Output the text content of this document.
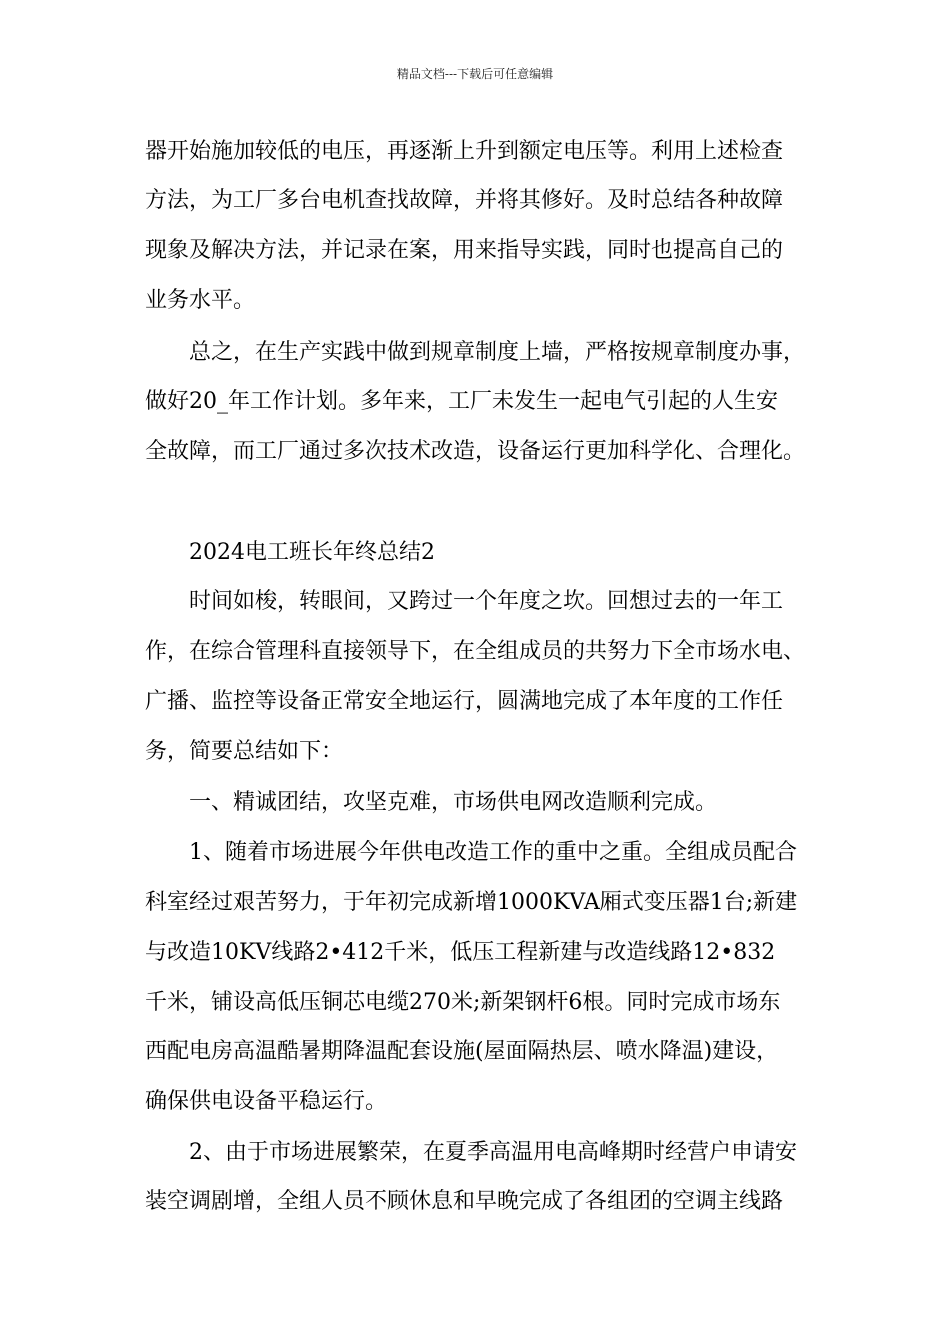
精品文档---下载后可任意编辑

器开始施加较低的电压，再逐渐上升到额定电压等。利用上述检查

方法，为工厂多台电机查找故障，并将其修好。及时总结各种故障

现象及解决方法，并记录在案，用来指导实践，同时也提高自己的

业务水平。

总之，在生产实践中做到规章制度上墙，严格按规章制度办事，

做好20_年工作计划。多年来，工厂未发生一起电气引起的人生安

全故障，而工厂通过多次技术改造，设备运行更加科学化、合理化。

2024电工班长年终总结2

时间如梭，转眼间，又跨过一个年度之坎。回想过去的一年工

作，在综合管理科直接领导下，在全组成员的共努力下全市场水电、

广播、监控等设备正常安全地运行，圆满地完成了本年度的工作任

务，简要总结如下：

一、精诚团结，攻坚克难，市场供电网改造顺利完成。

1、随着市场进展今年供电改造工作的重中之重。全组成员配合

科室经过艰苦努力，于年初完成新增1000KVA厢式变压器1台;新建

与改造10KV线路2•412千米，低压工程新建与改造线路12•832

千米，铺设高低压铜芯电缆270米;新架钢杆6根。同时完成市场东

西配电房高温酷暑期降温配套设施(屋面隔热层、喷水降温)建设，

确保供电设备平稳运行。

2、由于市场进展繁荣，在夏季高温用电高峰期时经营户申请安

装空调剧增，全组人员不顾休息和早晚完成了各组团的空调主线路
